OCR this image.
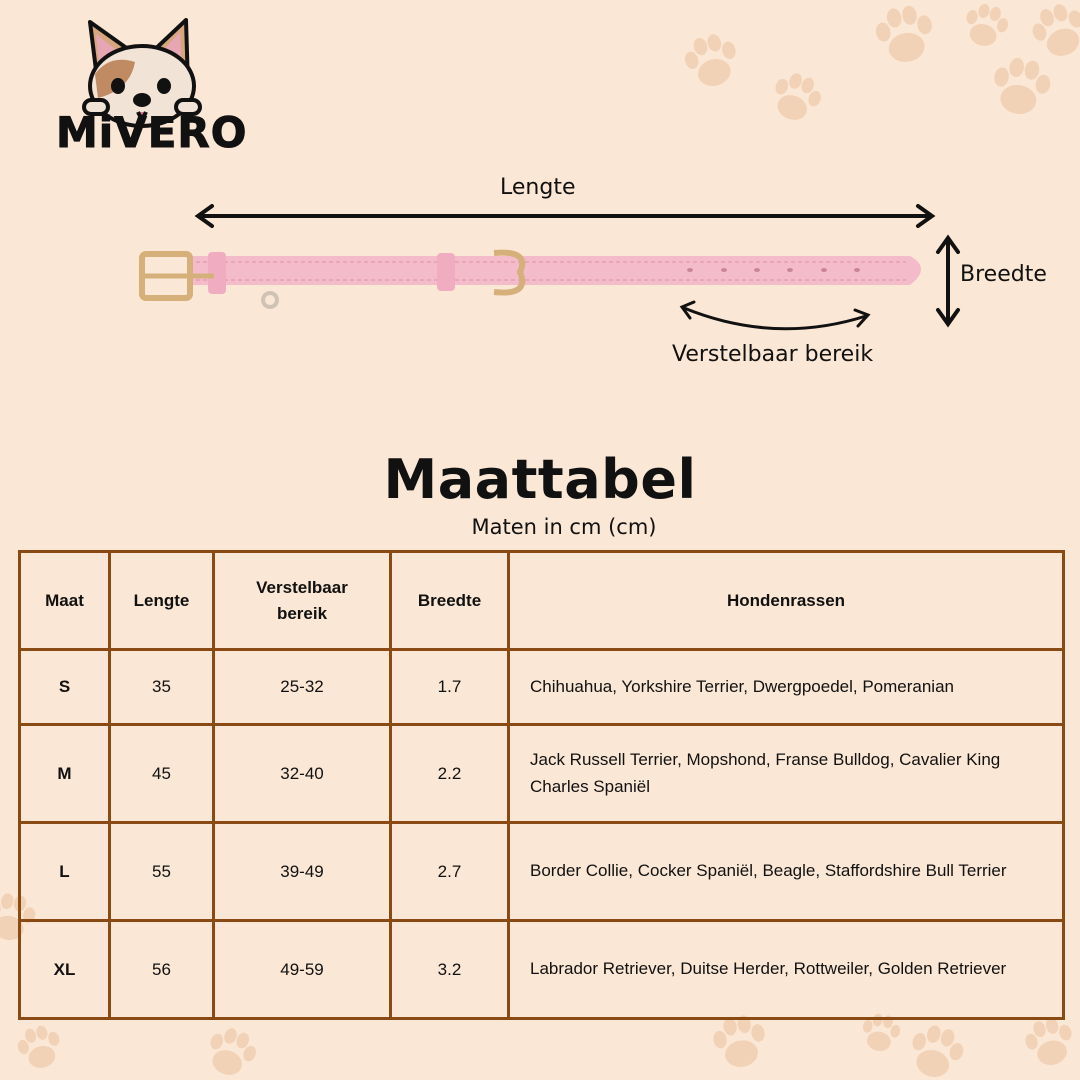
MiVERO

Lengte
Breedte
Verstelbaar bereik
Maattabel

Maten in cm (cm)

Maat	Lengte	Verstelbaar bereik	Breedte	Hondenrassen
S	35	25-32	1.7	Chihuahua, Yorkshire Terrier, Dwergpoedel, Pomeranian
M	45	32-40	2.2	Jack Russell Terrier, Mopshond, Franse Bulldog, Cavalier King Charles Spaniël
L	55	39-49	2.7	Border Collie, Cocker Spaniël, Beagle, Staffordshire Bull Terrier
XL	56	49-59	3.2	Labrador Retriever, Duitse Herder, Rottweiler, Golden Retriever
